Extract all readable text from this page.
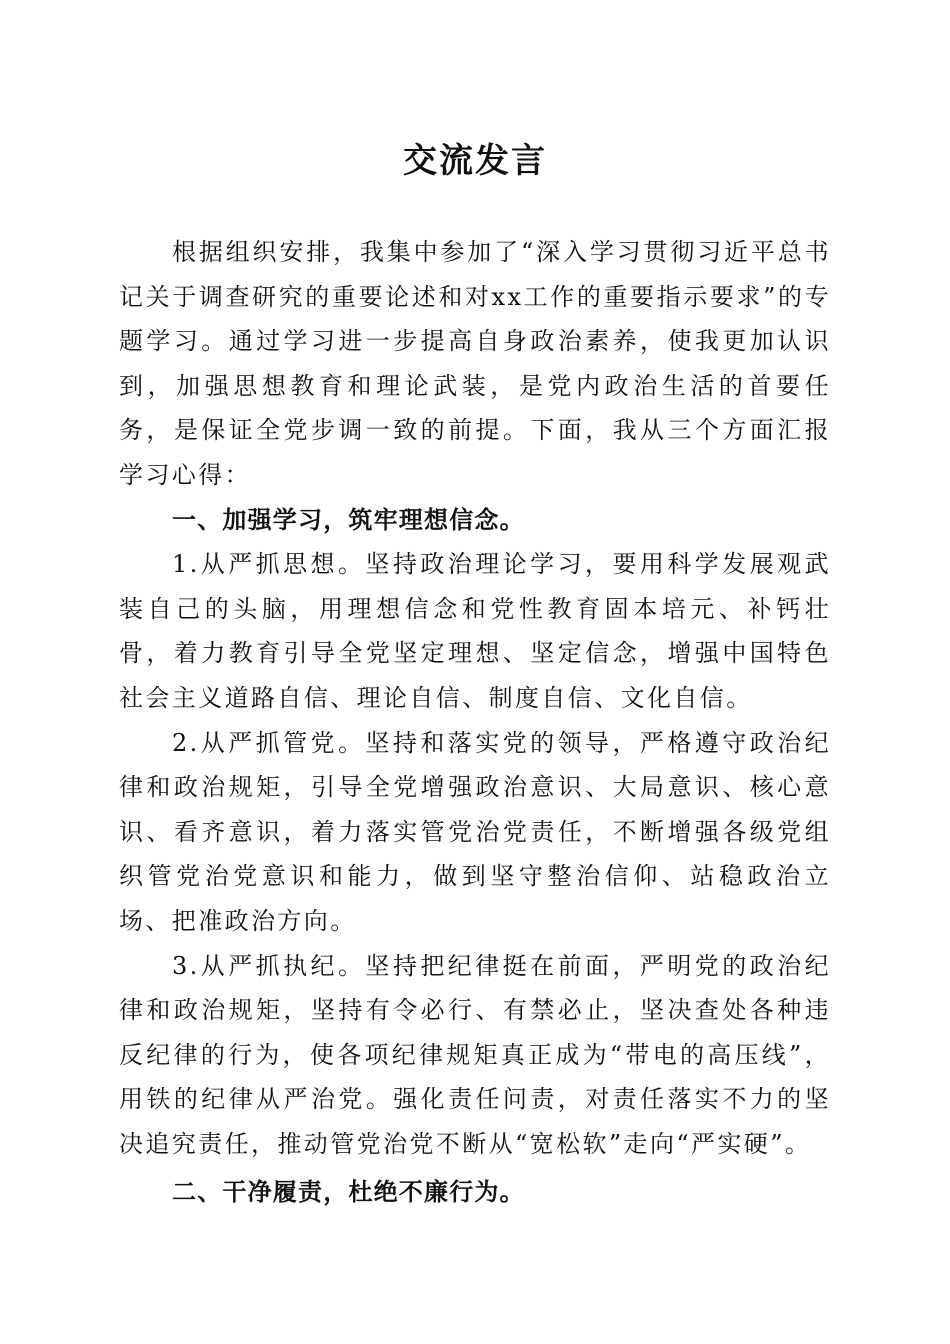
交流发言

根据组织安排，我集中参加了“深入学习贯彻习近平总书记关于调查研究的重要论述和对xx工作的重要指示要求”的专题学习。通过学习进一步提高自身政治素养，使我更加认识到，加强思想教育和理论武装，是党内政治生活的首要任务，是保证全党步调一致的前提。下面，我从三个方面汇报学习心得：

一、加强学习，筑牢理想信念。

1.从严抓思想。坚持政治理论学习，要用科学发展观武装自己的头脑，用理想信念和党性教育固本培元、补钙壮骨，着力教育引导全党坚定理想、坚定信念，增强中国特色社会主义道路自信、理论自信、制度自信、文化自信。

2.从严抓管党。坚持和落实党的领导，严格遵守政治纪律和政治规矩，引导全党增强政治意识、大局意识、核心意识、看齐意识，着力落实管党治党责任，不断增强各级党组织管党治党意识和能力，做到坚守整治信仰、站稳政治立场、把准政治方向。

3.从严抓执纪。坚持把纪律挺在前面，严明党的政治纪律和政治规矩，坚持有令必行、有禁必止，坚决查处各种违反纪律的行为，使各项纪律规矩真正成为“带电的高压线”，用铁的纪律从严治党。强化责任问责，对责任落实不力的坚决追究责任，推动管党治党不断从“宽松软”走向“严实硬”。

二、干净履责，杜绝不廉行为。
